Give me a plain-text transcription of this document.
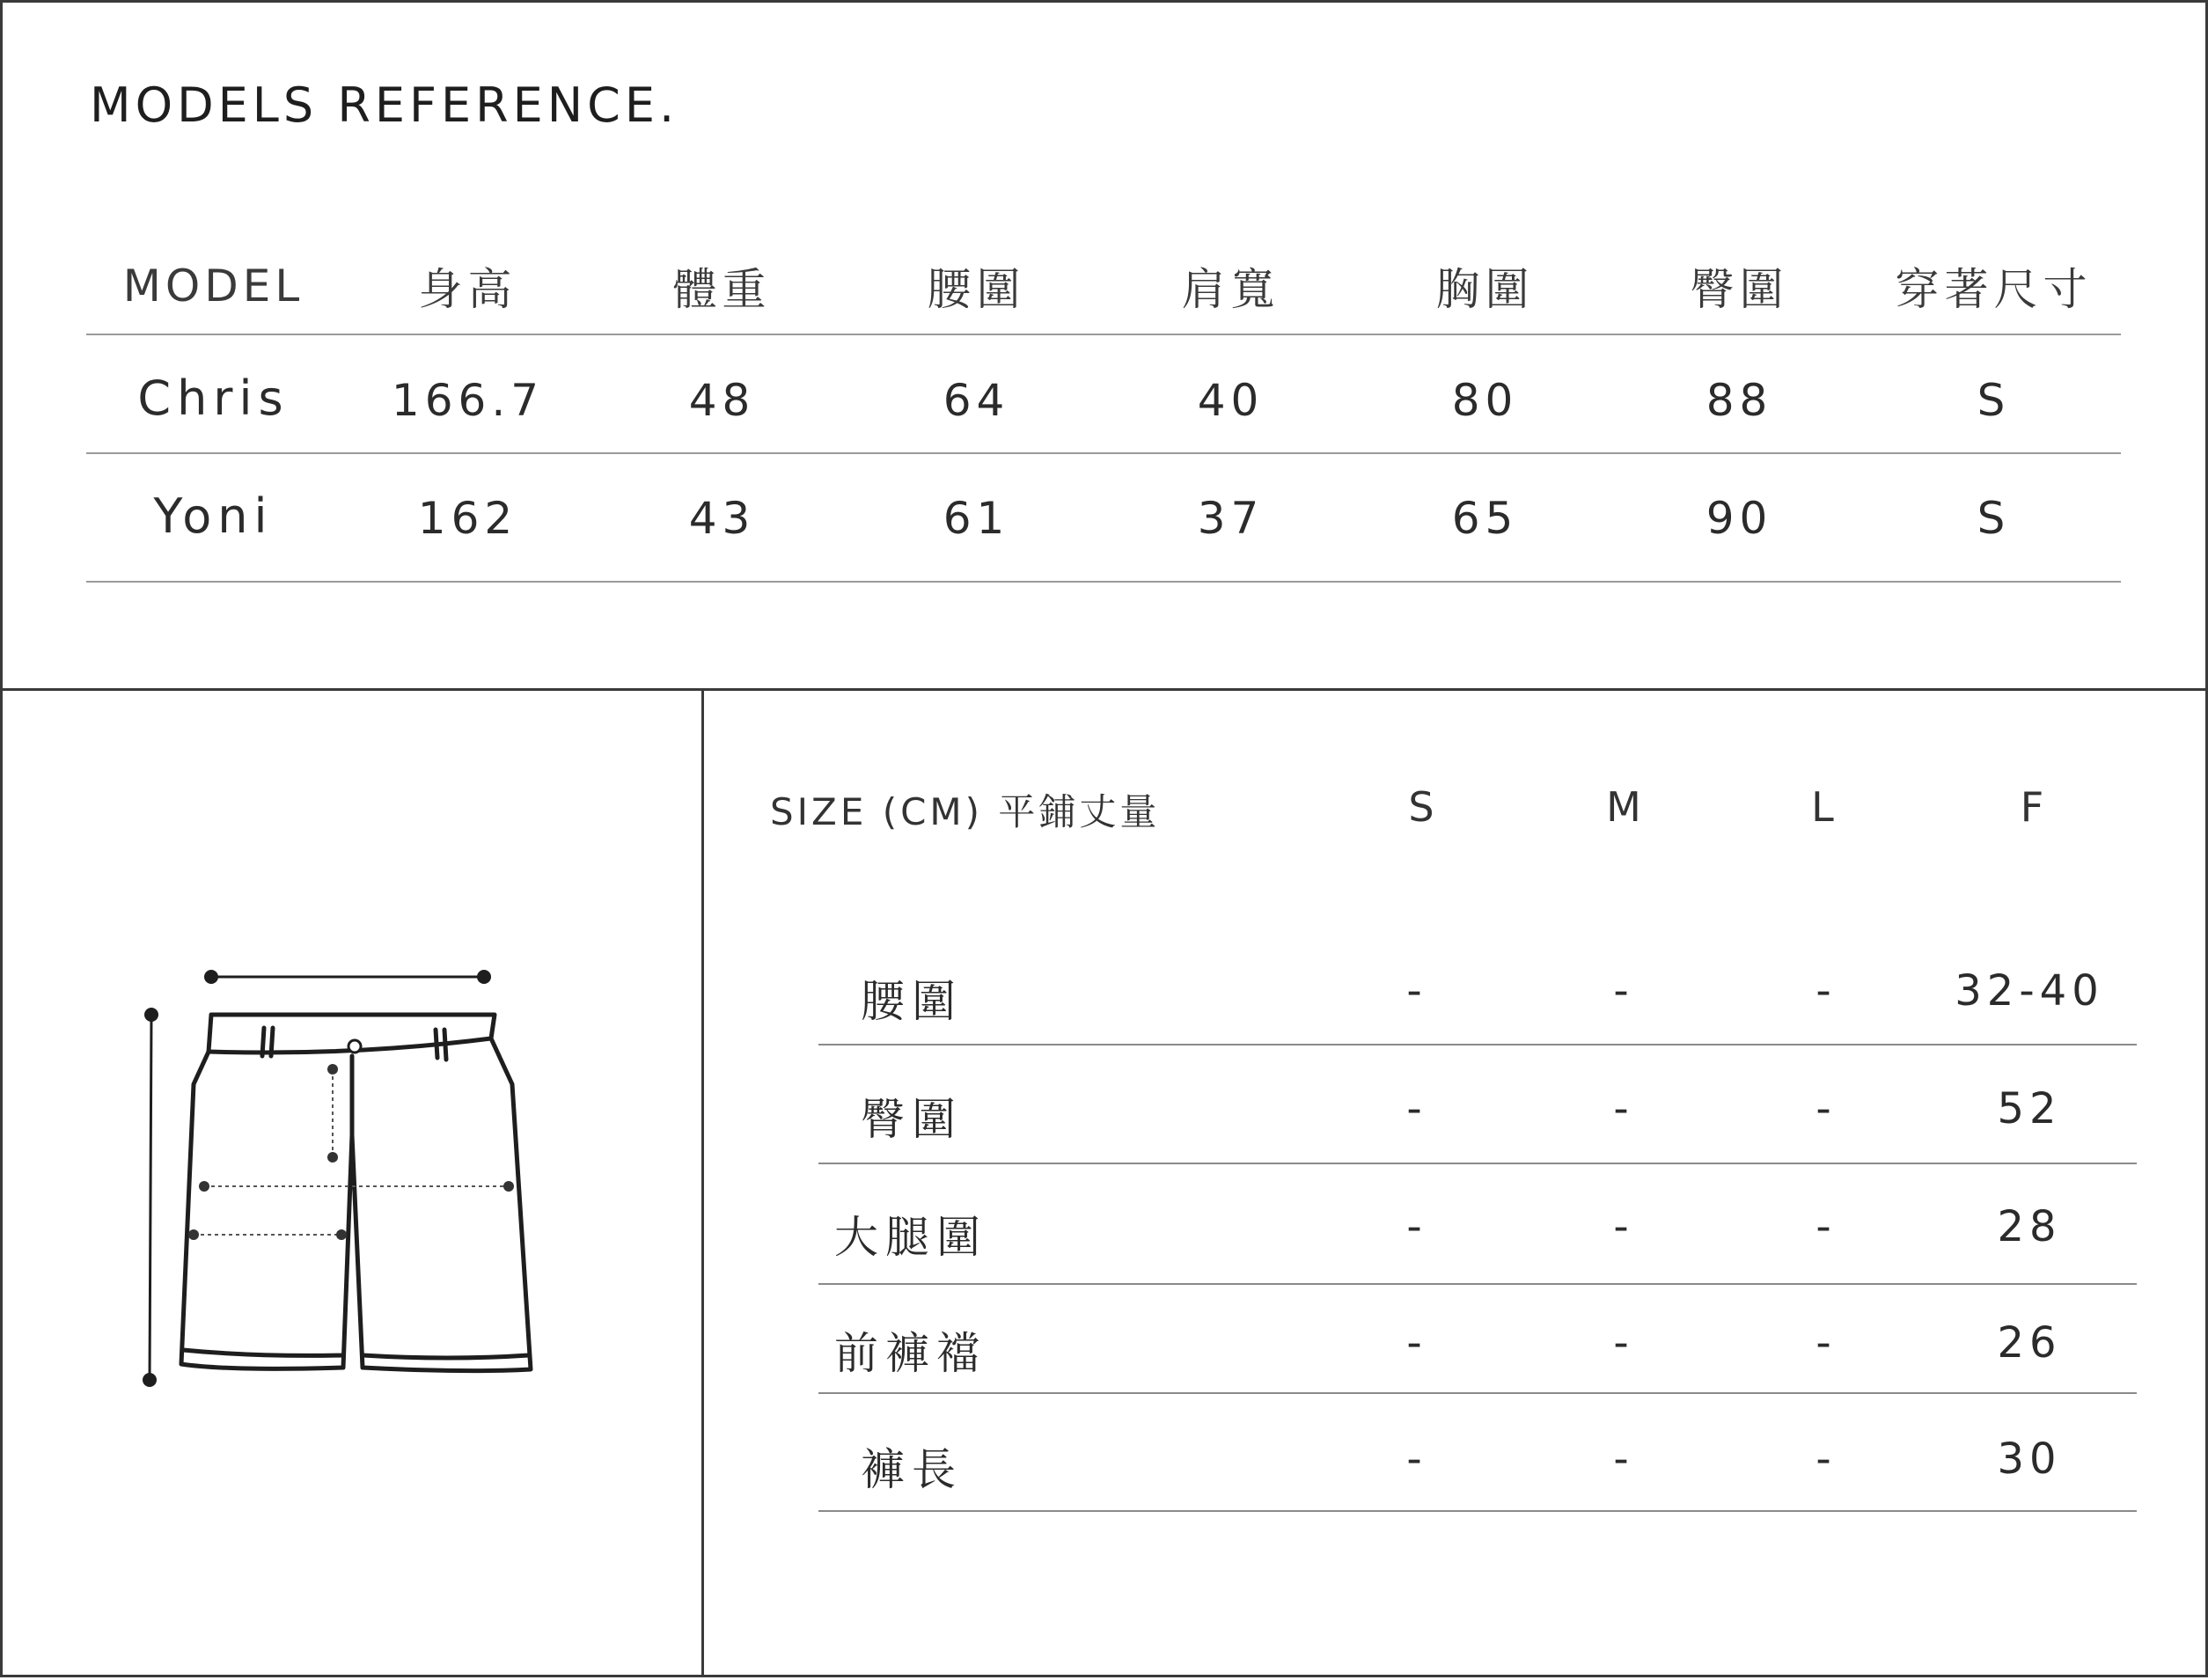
MODELS REFERENCE.
MODEL	身高	體重	腰圍	肩寬	胸圍	臀圍	穿著尺寸
Chris	166.7	48	64	40	80	88	S
Yoni	162	43	61	37	65	90	S
SIZE (CM) 平鋪丈量	S	M	L	F
腰圍	-	-	-	32-40
臀圍	-	-	-	52
大腿圍	-	-	-	28
前褲襠	-	-	-	26
褲長	-	-	-	30
